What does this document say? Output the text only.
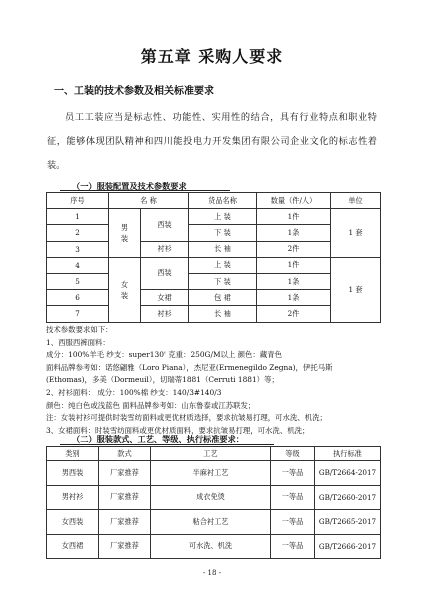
第五章 采购人要求
一、工装的技术参数及相关标准要求
员工工装应当是标志性、功能性、实用性的结合，具有行业特点和职业特征，能够体现团队精神和四川能投电力开发集团有限公司企业文化的标志性着装。
（一）服装配置及技术参数要求
序号	名 称		货品名称	数量（件/人）	单位
1	男装	西装	上 装	1件	1 套
2			下 装	1条	
3		衬衫	长 袖	2件	
4	女装	西装	上 装	1件	1 套
5			下 装	1条	
6		女裙	包 裙	1条	
7		衬衫	长 袖	2件	
技术参数要求如下：
1、西服西裤面料：
成分：100%羊毛 纱支：super130' 克重：250G/M以上 颜色：藏青色
面料品牌参考如：诺悠翩雅（Loro Piana），杰尼亚(Ermenegildo Zegna)，伊托马斯
(Ethomas)，多美（Dormeuil），切瑞蒂1881（Cerruti 1881）等；
2、衬衫面料： 成分：100%棉 纱支：140/3#140/3
颜色：纯白色或浅蓝色 面料品牌参考如：山东鲁泰或江苏联发；
注：女装衬衫可提供时装雪纺面料或更优材质选择，要求抗皱易打理，可水洗、机洗；
3、女裙面料：时装雪纺面料或更优材质面料，要求抗皱易打理，可水洗、机洗；
（二）服装款式、工艺、等级、执行标准要求：
类别	款式	工艺	等级	执行标准
男西装	厂家推荐	半麻衬工艺	一等品	GB/T2664-2017
男衬衫	厂家推荐	成衣免烫	一等品	GB/T2660-2017
女西装	厂家推荐	粘合衬工艺	一等品	GB/T2665-2017
女西裙	厂家推荐	可水洗、机洗	一等品	GB/T2666-2017
- 18 -
